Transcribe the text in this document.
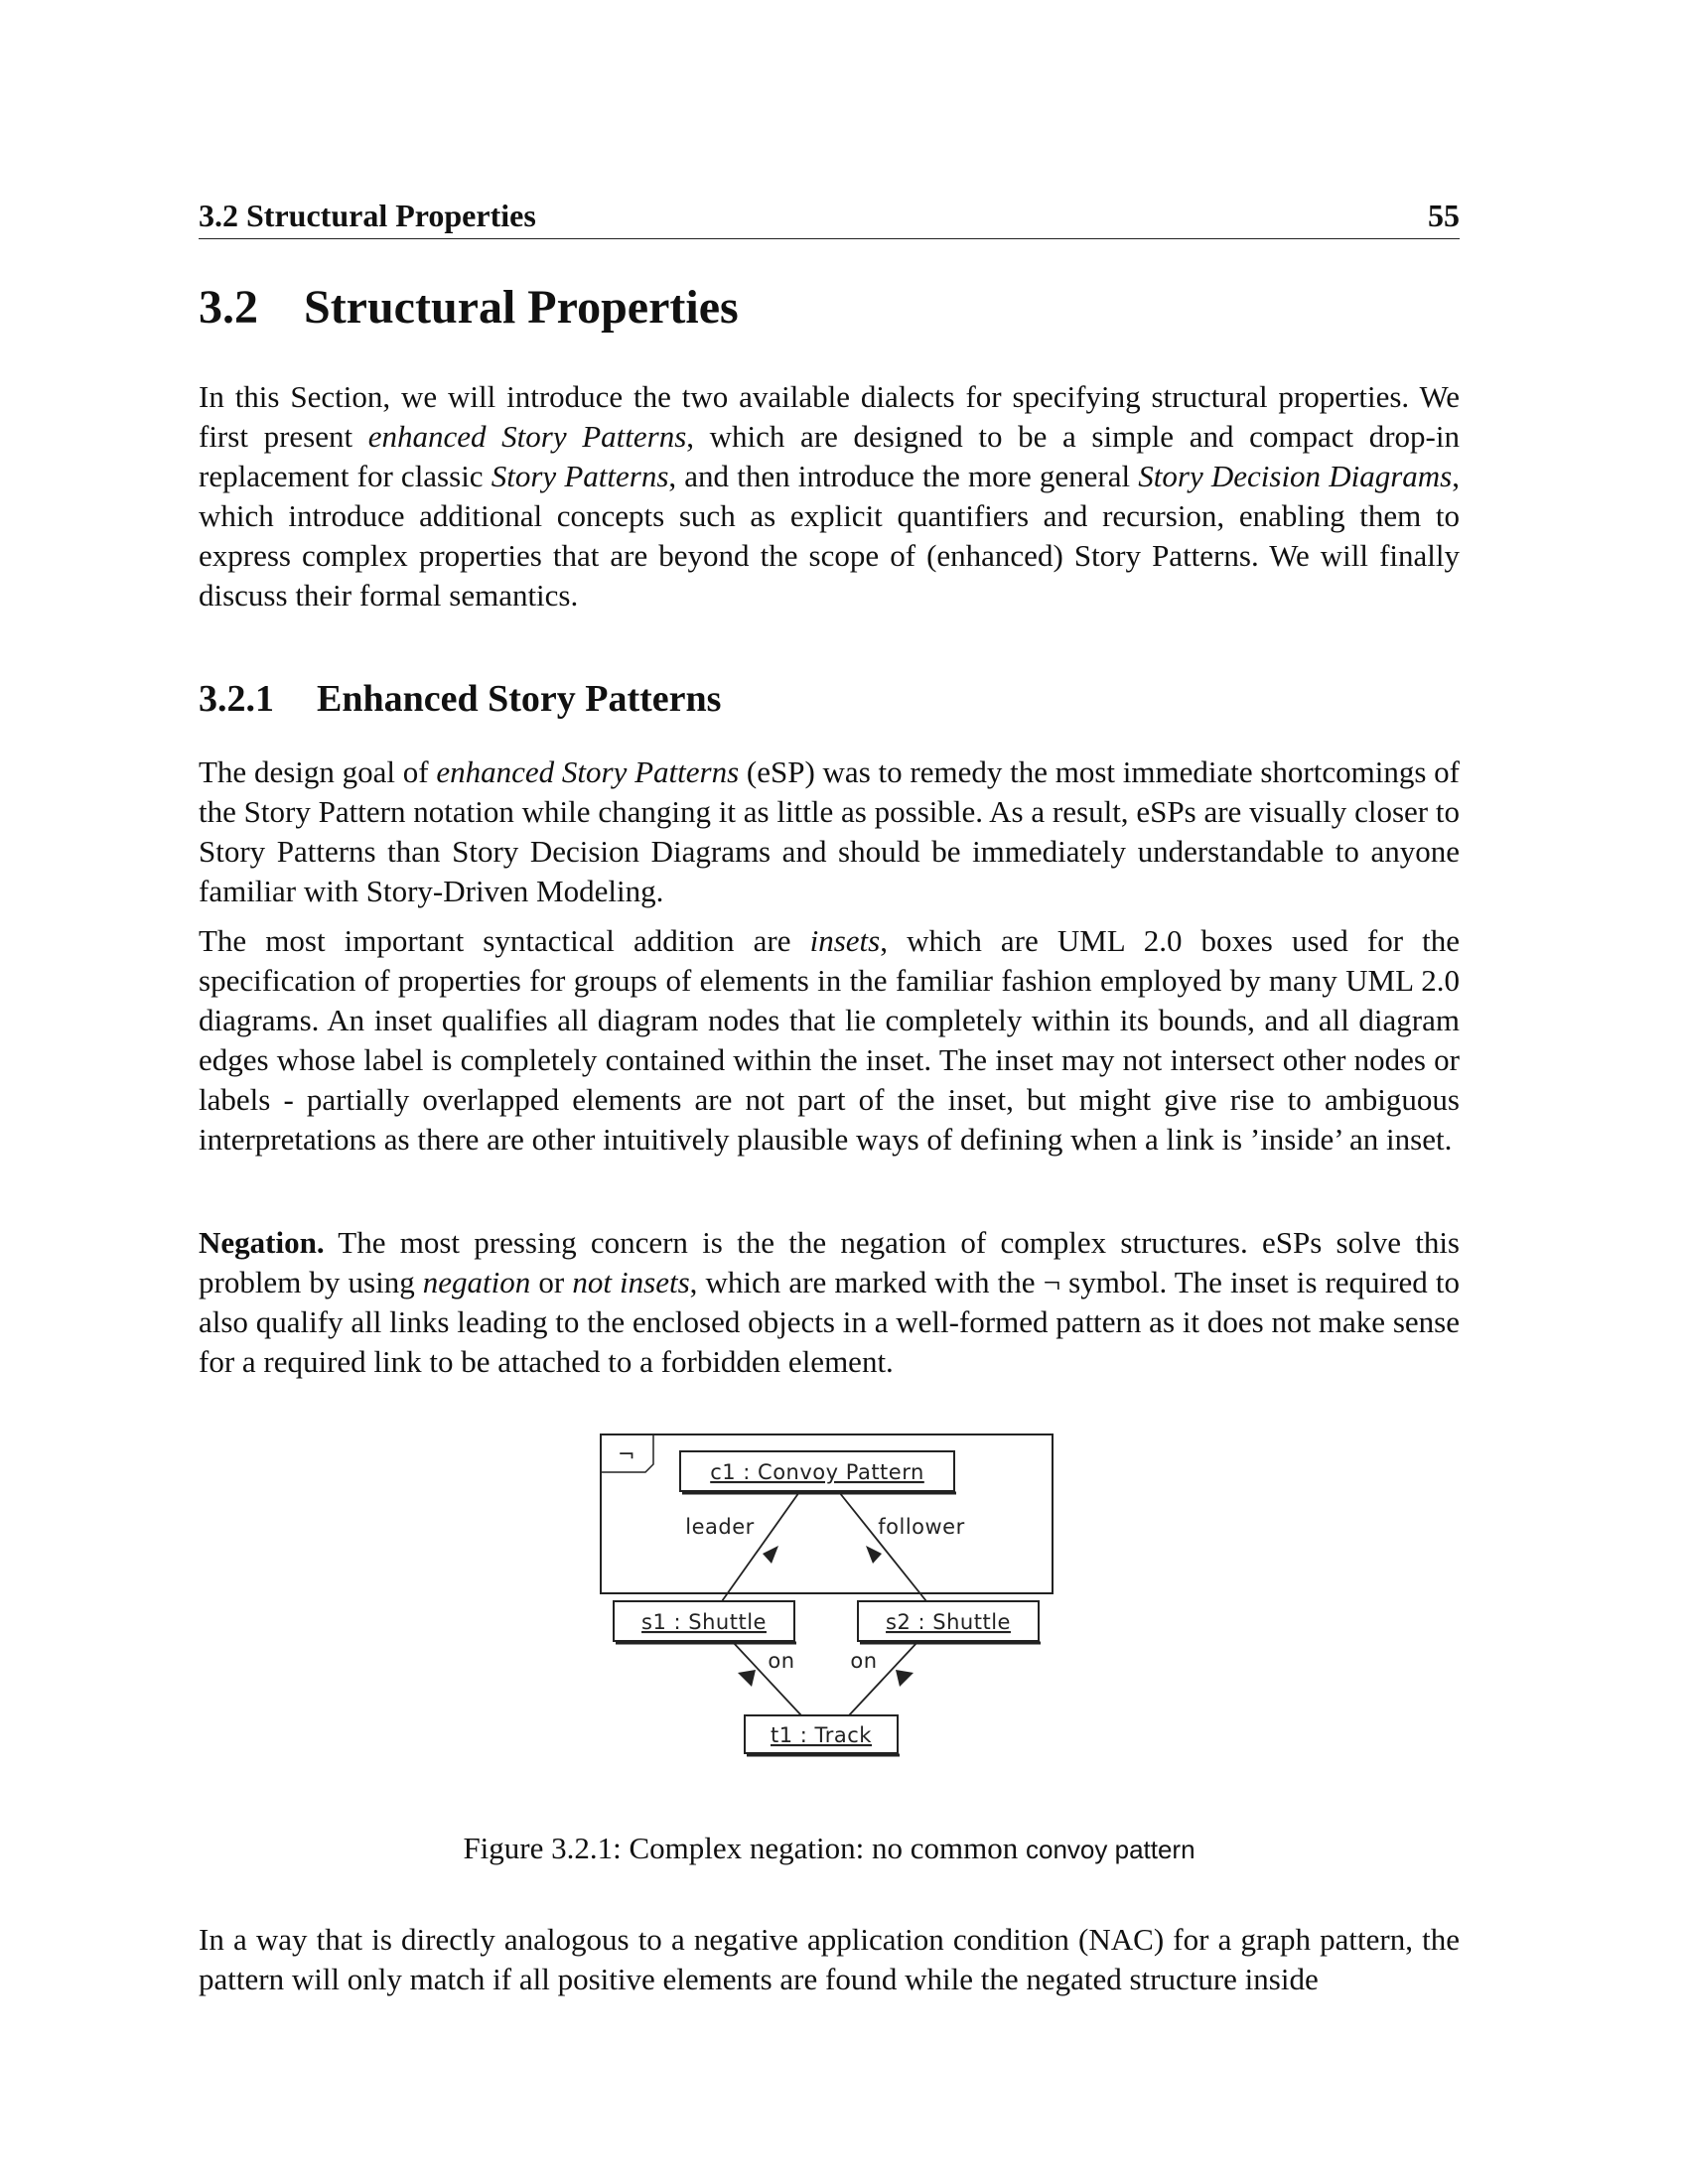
3.2 Structural Properties	55
3.2 Structural Properties

In this Section, we will introduce the two available dialects for specifying structural properties. We first present enhanced Story Patterns, which are designed to be a simple and compact drop-in replacement for classic Story Patterns, and then introduce the more general Story Decision Diagrams, which introduce additional concepts such as explicit quantifiers and recursion, enabling them to express complex properties that are beyond the scope of (enhanced) Story Patterns. We will finally discuss their formal semantics.

3.2.1 Enhanced Story Patterns

The design goal of enhanced Story Patterns (eSP) was to remedy the most immediate shortcomings of the Story Pattern notation while changing it as little as possible. As a result, eSPs are visually closer to Story Patterns than Story Decision Diagrams and should be immediately understandable to anyone familiar with Story-Driven Modeling.

The most important syntactical addition are insets, which are UML 2.0 boxes used for the specification of properties for groups of elements in the familiar fashion employed by many UML 2.0 diagrams. An inset qualifies all diagram nodes that lie completely within its bounds, and all diagram edges whose label is completely contained within the inset. The inset may not intersect other nodes or labels - partially overlapped elements are not part of the inset, but might give rise to ambiguous interpretations as there are other intuitively plausible ways of defining when a link is ’inside’ an inset.

Negation. The most pressing concern is the the negation of complex structures. eSPs solve this problem by using negation or not insets, which are marked with the ¬ symbol. The inset is required to also qualify all links leading to the enclosed objects in a well-formed pattern as it does not make sense for a required link to be attached to a forbidden element.

¬
c1 : Convoy Pattern
leader	follower
s1 : Shuttle	s2 : Shuttle
on	on
t1 : Track
Figure 3.2.1: Complex negation: no common convoy pattern

In a way that is directly analogous to a negative application condition (NAC) for a graph pattern, the pattern will only match if all positive elements are found while the negated structure inside
